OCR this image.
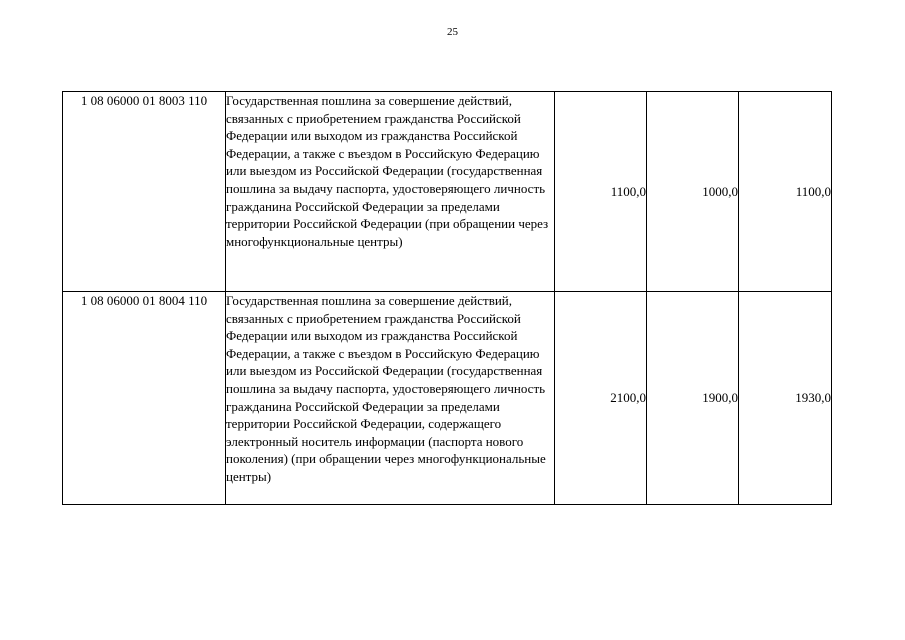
25
1 08 06000 01 8003 110	Государственная пошлина за совершение действий, связанных с приобретением гражданства Российской Федерации или выходом из гражданства Российской Федерации, а также с въездом в Российскую Федерацию или выездом из Российской Федерации (государственная пошлина за выдачу паспорта, удостоверяющего личность гражданина Российской Федерации за пределами территории Российской Федерации (при обращении через многофункциональные центры)	1100,0	1000,0	1100,0
1 08 06000 01 8004 110	Государственная пошлина за совершение действий, связанных с приобретением гражданства Российской Федерации или выходом из гражданства Российской Федерации, а также с въездом в Российскую Федерацию или выездом из Российской Федерации (государственная пошлина за выдачу паспорта, удостоверяющего личность гражданина Российской Федерации за пределами территории Российской Федерации, содержащего электронный носитель информации (паспорта нового поколения) (при обращении через многофункциональные центры)	2100,0	1900,0	1930,0
